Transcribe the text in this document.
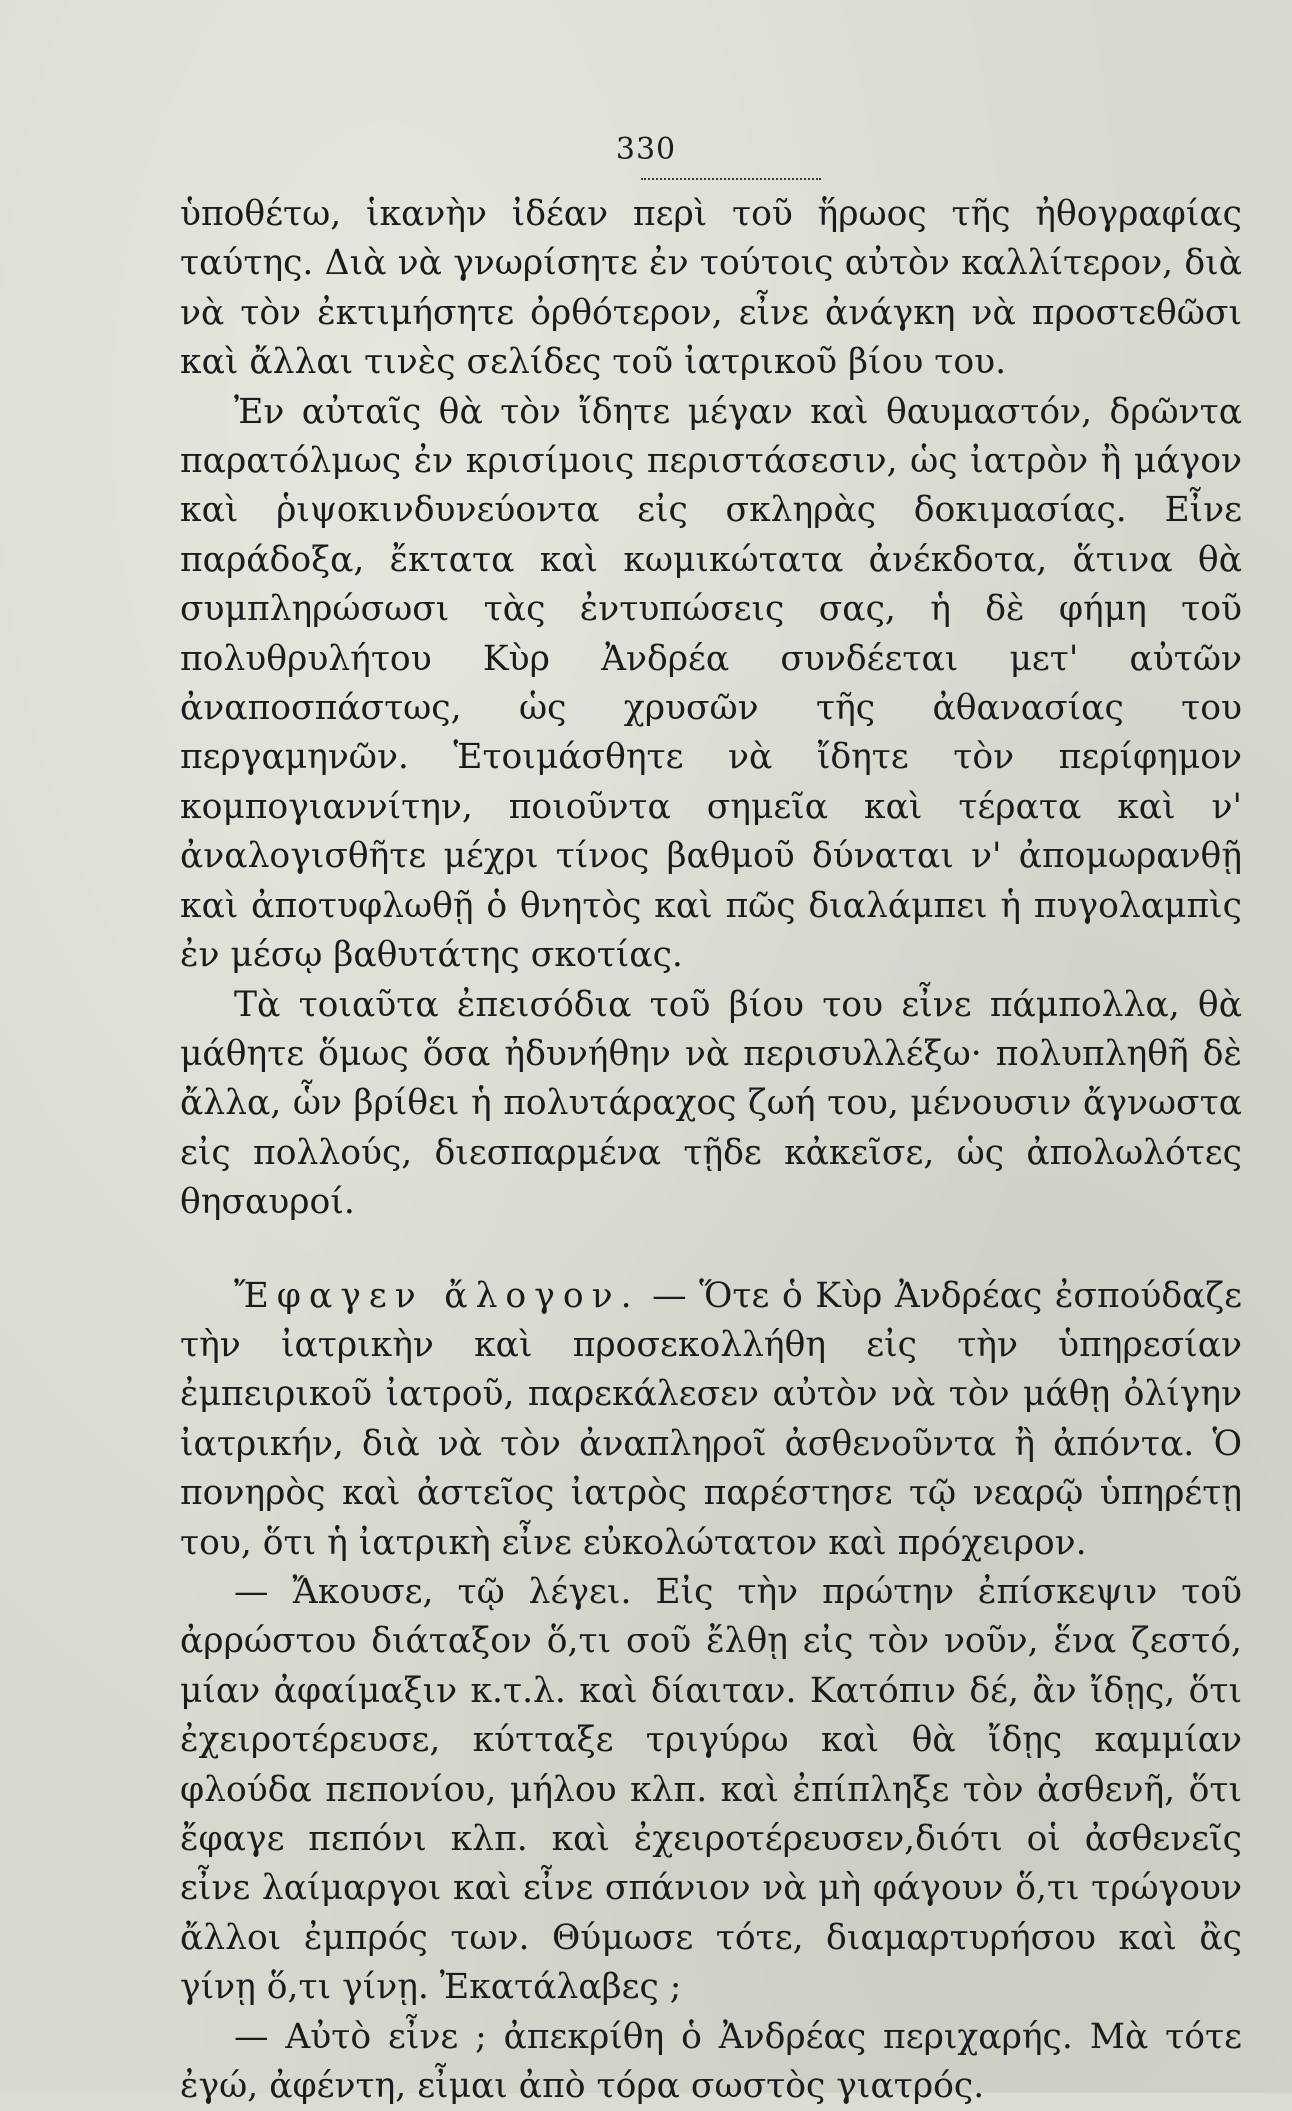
330

ὑποθέτω, ἱκανὴν ἰδέαν περὶ τοῦ ἥρωος τῆς ἠθογραφίας ταύτης. Διὰ νὰ γνωρίσητε ἐν τούτοις αὐτὸν καλλίτερον, διὰ νὰ τὸν ἐκτιμήσητε ὀρθότερον, εἶνε ἀνάγκη νὰ προστεθῶσι καὶ ἄλλαι τινὲς σελίδες τοῦ ἰατρικοῦ βίου του.

Ἐν αὐταῖς θὰ τὸν ἴδητε μέγαν καὶ θαυμαστόν, δρῶντα παρατόλμως ἐν κρισίμοις περιστάσεσιν, ὡς ἰατρὸν ἢ μάγον καὶ ῥιψοκινδυνεύοντα εἰς σκληρὰς δοκιμασίας. Εἶνε παράδοξα, ἔκτατα καὶ κωμικώτατα ἀνέκδοτα, ἅτινα θὰ συμπληρώσωσι τὰς ἐντυπώσεις σας, ἡ δὲ φήμη τοῦ πολυθρυλήτου Κὺρ Ἀνδρέα συνδέεται μετ' αὐτῶν ἀναποσπάστως, ὡς χρυσῶν τῆς ἀθανασίας του περγαμηνῶν. Ἑτοιμάσθητε νὰ ἴδητε τὸν περίφημον κομπογιαννίτην, ποιοῦντα σημεῖα καὶ τέρατα καὶ ν' ἀναλογισθῆτε μέχρι τίνος βαθμοῦ δύναται ν' ἀπομωρανθῇ καὶ ἀποτυφλωθῇ ὁ θνητὸς καὶ πῶς διαλάμπει ἡ πυγολαμπὶς ἐν μέσῳ βαθυτάτης σκοτίας.

Τὰ τοιαῦτα ἐπεισόδια τοῦ βίου του εἶνε πάμπολλα, θὰ μάθητε ὅμως ὅσα ἠδυνήθην νὰ περισυλλέξω· πολυπληθῆ δὲ ἄλλα, ὧν βρίθει ἡ πολυτάραχος ζωή του, μένουσιν ἄγνωστα εἰς πολλούς, διεσπαρμένα τῇδε κἀκεῖσε, ὡς ἀπολωλότες θησαυροί.

Ἔφαγεν ἄλογον. — Ὅτε ὁ Κὺρ Ἀνδρέας ἐσπούδαζε τὴν ἰατρικὴν καὶ προσεκολλήθη εἰς τὴν ὑπηρεσίαν ἐμπειρικοῦ ἰατροῦ, παρεκάλεσεν αὐτὸν νὰ τὸν μάθῃ ὀλίγην ἰατρικήν, διὰ νὰ τὸν ἀναπληροῖ ἀσθενοῦντα ἢ ἀπόντα. Ὁ πονηρὸς καὶ ἀστεῖος ἰατρὸς παρέστησε τῷ νεαρῷ ὑπηρέτῃ του, ὅτι ἡ ἰατρικὴ εἶνε εὐκολώτατον καὶ πρόχειρον.

— Ἄκουσε, τῷ λέγει. Εἰς τὴν πρώτην ἐπίσκεψιν τοῦ ἀρρώστου διάταξον ὅ,τι σοῦ ἔλθῃ εἰς τὸν νοῦν, ἕνα ζεστό, μίαν ἀφαίμαξιν κ.τ.λ. καὶ δίαιταν. Κατόπιν δέ, ἂν ἴδῃς, ὅτι ἐχειροτέρευσε, κύτταξε τριγύρω καὶ θὰ ἴδῃς καμμίαν φλούδα πεπονίου, μήλου κλπ. καὶ ἐπίπληξε τὸν ἀσθενῆ, ὅτι ἔφαγε πεπόνι κλπ. καὶ ἐχειροτέρευσεν,διότι οἱ ἀσθενεῖς εἶνε λαίμαργοι καὶ εἶνε σπάνιον νὰ μὴ φάγουν ὅ,τι τρώγουν ἄλλοι ἐμπρός των. Θύμωσε τότε, διαμαρτυρήσου καὶ ἂς γίνῃ ὅ,τι γίνῃ. Ἐκατάλαβες ;

— Αὐτὸ εἶνε ; ἀπεκρίθη ὁ Ἀνδρέας περιχαρής. Μὰ τότε ἐγώ, ἀφέντη, εἶμαι ἀπὸ τόρα σωστὸς γιατρός.
